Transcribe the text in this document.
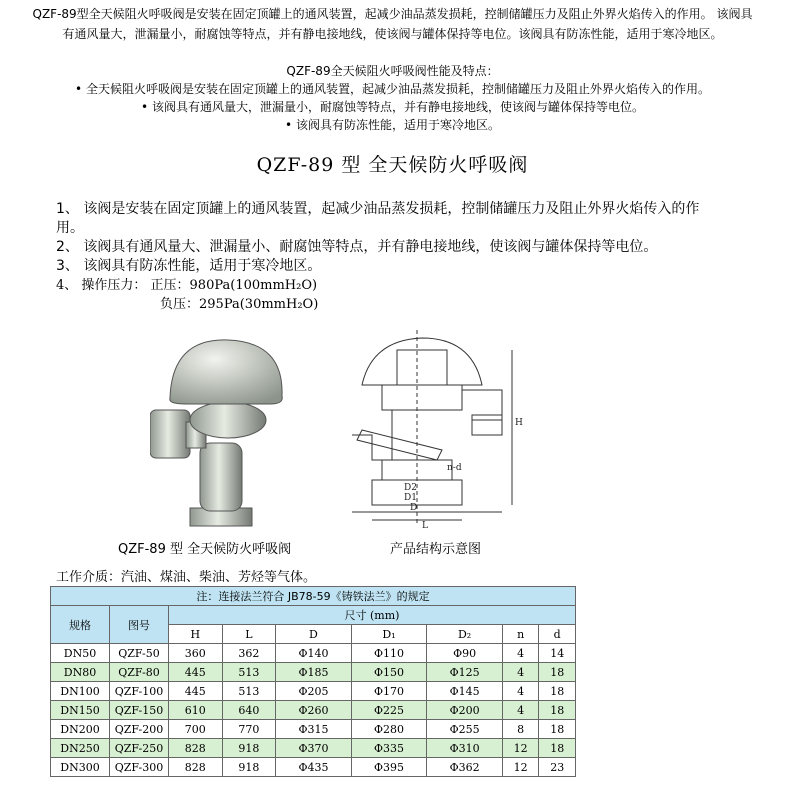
QZF-89型全天候阻火呼吸阀是安装在固定顶罐上的通风装置，起减少油品蒸发损耗，控制储罐压力及阻止外界火焰传入的作用。 该阀具
有通风量大，泄漏量小，耐腐蚀等特点，并有静电接地线，使该阀与罐体保持等电位。该阀具有防冻性能，适用于寒冷地区。
QZF-89全天候阻火呼吸阀性能及特点：
• 全天候阻火呼吸阀是安装在固定顶罐上的通风装置，起减少油品蒸发损耗，控制储罐压力及阻止外界火焰传入的作用。
• 该阀具有通风量大，泄漏量小，耐腐蚀等特点，并有静电接地线，使该阀与罐体保持等电位。
• 该阀具有防冻性能，适用于寒冷地区。
QZF-89 型 全天候防火呼吸阀
1、 该阀是安装在固定顶罐上的通风装置，起减少油品蒸发损耗，控制储罐压力及阻止外界火焰传入的作
用。
2、 该阀具有通风量大、泄漏量小、耐腐蚀等特点，并有静电接地线，使该阀与罐体保持等电位。
3、 该阀具有防冻性能，适用于寒冷地区。
4、 操作压力： 正压：980Pa(100mmH₂O)
负压：295Pa(30mmH₂O)
H
n-d
D2
D1
D
L
QZF-89 型 全天候防火呼吸阀	产品结构示意图
工作介质：汽油、煤油、柴油、芳烃等气体。
注：连接法兰符合 JB78-59《铸铁法兰》的规定								
规格	图号	尺寸 (mm)						
		H	L	D	D₁	D₂	n	d
DN50	QZF-50	360	362	Φ140	Φ110	Φ90	4	14
DN80	QZF-80	445	513	Φ185	Φ150	Φ125	4	18
DN100	QZF-100	445	513	Φ205	Φ170	Φ145	4	18
DN150	QZF-150	610	640	Φ260	Φ225	Φ200	4	18
DN200	QZF-200	700	770	Φ315	Φ280	Φ255	8	18
DN250	QZF-250	828	918	Φ370	Φ335	Φ310	12	18
DN300	QZF-300	828	918	Φ435	Φ395	Φ362	12	23
